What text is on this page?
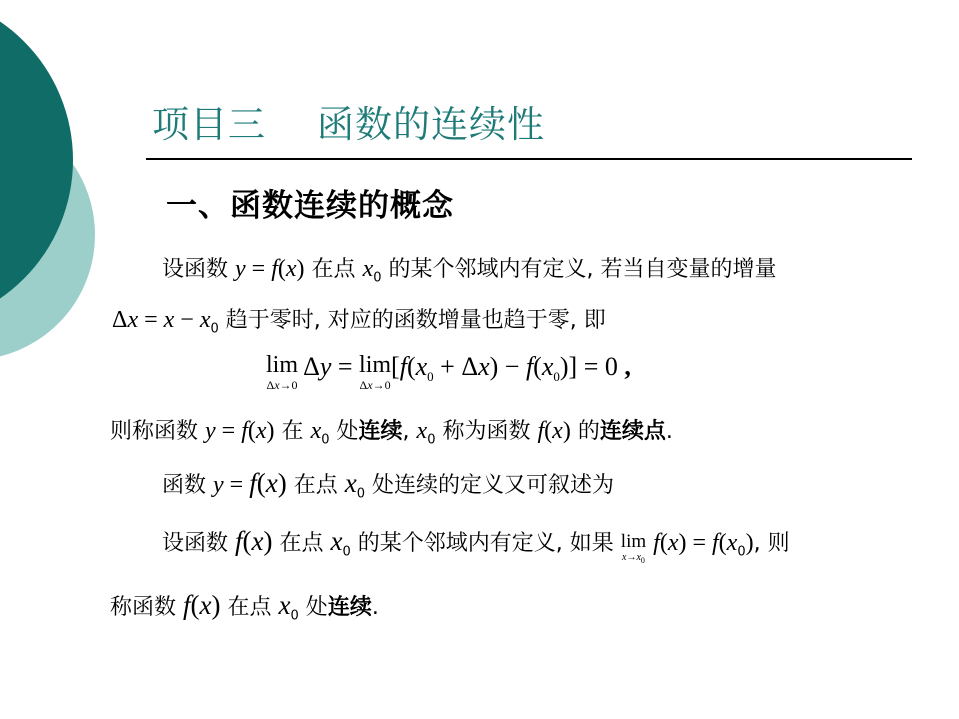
项目三    函数的连续性
一、函数连续的概念
设函数 y = f(x) 在点 $x_0$ 的某个邻域内有定义, 若当自变量的增量
$\Delta x = x - x_0$ 趋于零时, 对应的函数增量也趋于零, 即
lim
Δx→0
Δy = lim
Δx→0
$[f(x_0 + \Delta x) - f(x_0)] = 0$ ,
则称函数 y = f(x) 在 $x_0$ 处连续, $x_0$ 称为函数 f(x) 的连续点.
函数 y = f(x) 在点 $x_0$ 处连续的定义又可叙述为
设函数 f(x) 在点 $x_0$ 的某个邻域内有定义, 如果 lim
$x\to x_0$
$f(x) = f(x_0)$, 则
称函数 f(x) 在点 $x_0$ 处连续.
